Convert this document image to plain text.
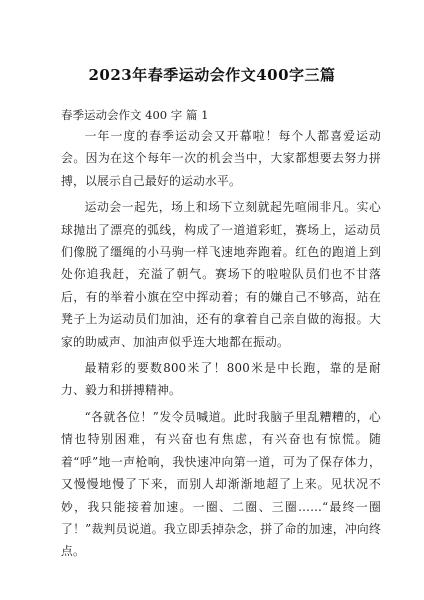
2023年春季运动会作文400字三篇
春季运动会作文 400 字 篇 1

一年一度的春季运动会又开幕啦！每个人都喜爱运动会。因为在这个每年一次的机会当中，大家都想要去努力拼搏，以展示自己最好的运动水平。

运动会一起先，场上和场下立刻就起先喧闹非凡。实心球抛出了漂亮的弧线，构成了一道道彩虹，赛场上，运动员们像脱了缰绳的小马驹一样飞速地奔跑着。红色的跑道上到处你追我赶，充溢了朝气。赛场下的啦啦队员们也不甘落后，有的举着小旗在空中挥动着；有的嫌自己不够高，站在凳子上为运动员们加油，还有的拿着自己亲自做的海报。大家的助威声、加油声似乎连大地都在振动。

最精彩的要数800米了！800米是中长跑，靠的是耐力、毅力和拼搏精神。

“各就各位！”发令员喊道。此时我脑子里乱糟糟的，心情也特别困难，有兴奋也有焦虑，有兴奋也有惊慌。随着“呼”地一声枪响，我快速冲向第一道，可为了保存体力，又慢慢地慢了下来，而别人却渐渐地超了上来。见状况不妙，我只能接着加速。一圈、二圈、三圈……“最终一圈了！”裁判员说道。我立即丢掉杂念，拼了命的加速，冲向终点。
